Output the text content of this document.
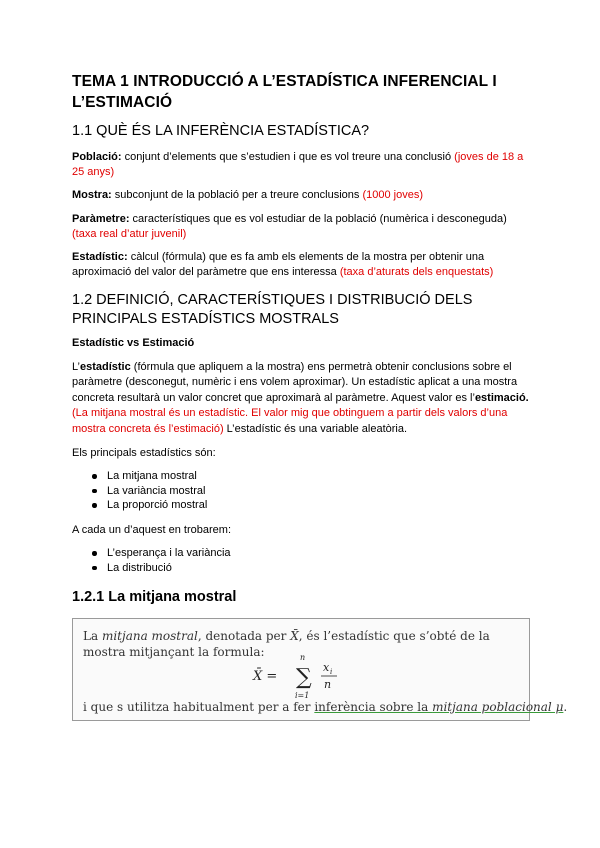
TEMA 1 INTRODUCCIÓ A L’ESTADÍSTICA INFERENCIAL I L’ESTIMACIÓ
1.1 QUÈ ÉS LA INFERÈNCIA ESTADÍSTICA?

Població: conjunt d’elements que s’estudien i que es vol treure una conclusió (joves de 18 a 25 anys)

Mostra: subconjunt de la població per a treure conclusions (1000 joves)

Paràmetre: característiques que es vol estudiar de la població (numèrica i desconeguda) (taxa real d’atur juvenil)

Estadístic: càlcul (fórmula) que es fa amb els elements de la mostra per obtenir una aproximació del valor del paràmetre que ens interessa (taxa d’aturats dels enquestats)

1.2 DEFINICIÓ, CARACTERÍSTIQUES I DISTRIBUCIÓ DELS PRINCIPALS ESTADÍSTICS MOSTRALS
Estadístic vs Estimació

L’estadístic (fórmula que apliquem a la mostra) ens permetrà obtenir conclusions sobre el paràmetre (desconegut, numèric i ens volem aproximar). Un estadístic aplicat a una mostra concreta resultarà un valor concret que aproximarà al paràmetre. Aquest valor es l’estimació. (La mitjana mostral és un estadístic. El valor mig que obtinguem a partir dels valors d’una mostra concreta és l’estimació) L’estadístic és una variable aleatòria.

Els principals estadístics són:

La mitjana mostral
La variància mostral
La proporció mostral

A cada un d’aquest en trobarem:

L’esperança i la variància
La distribució
1.2.1 La mitjana mostral
La mitjana mostral, denotada per X̄, és l’estadístic que s’obté de la mostra mitjançant la formula:
X̄ =
n
∑
i=1
x i
n
i que s utilitza habitualment per a fer inferència sobre la mitjana poblacional μ.
